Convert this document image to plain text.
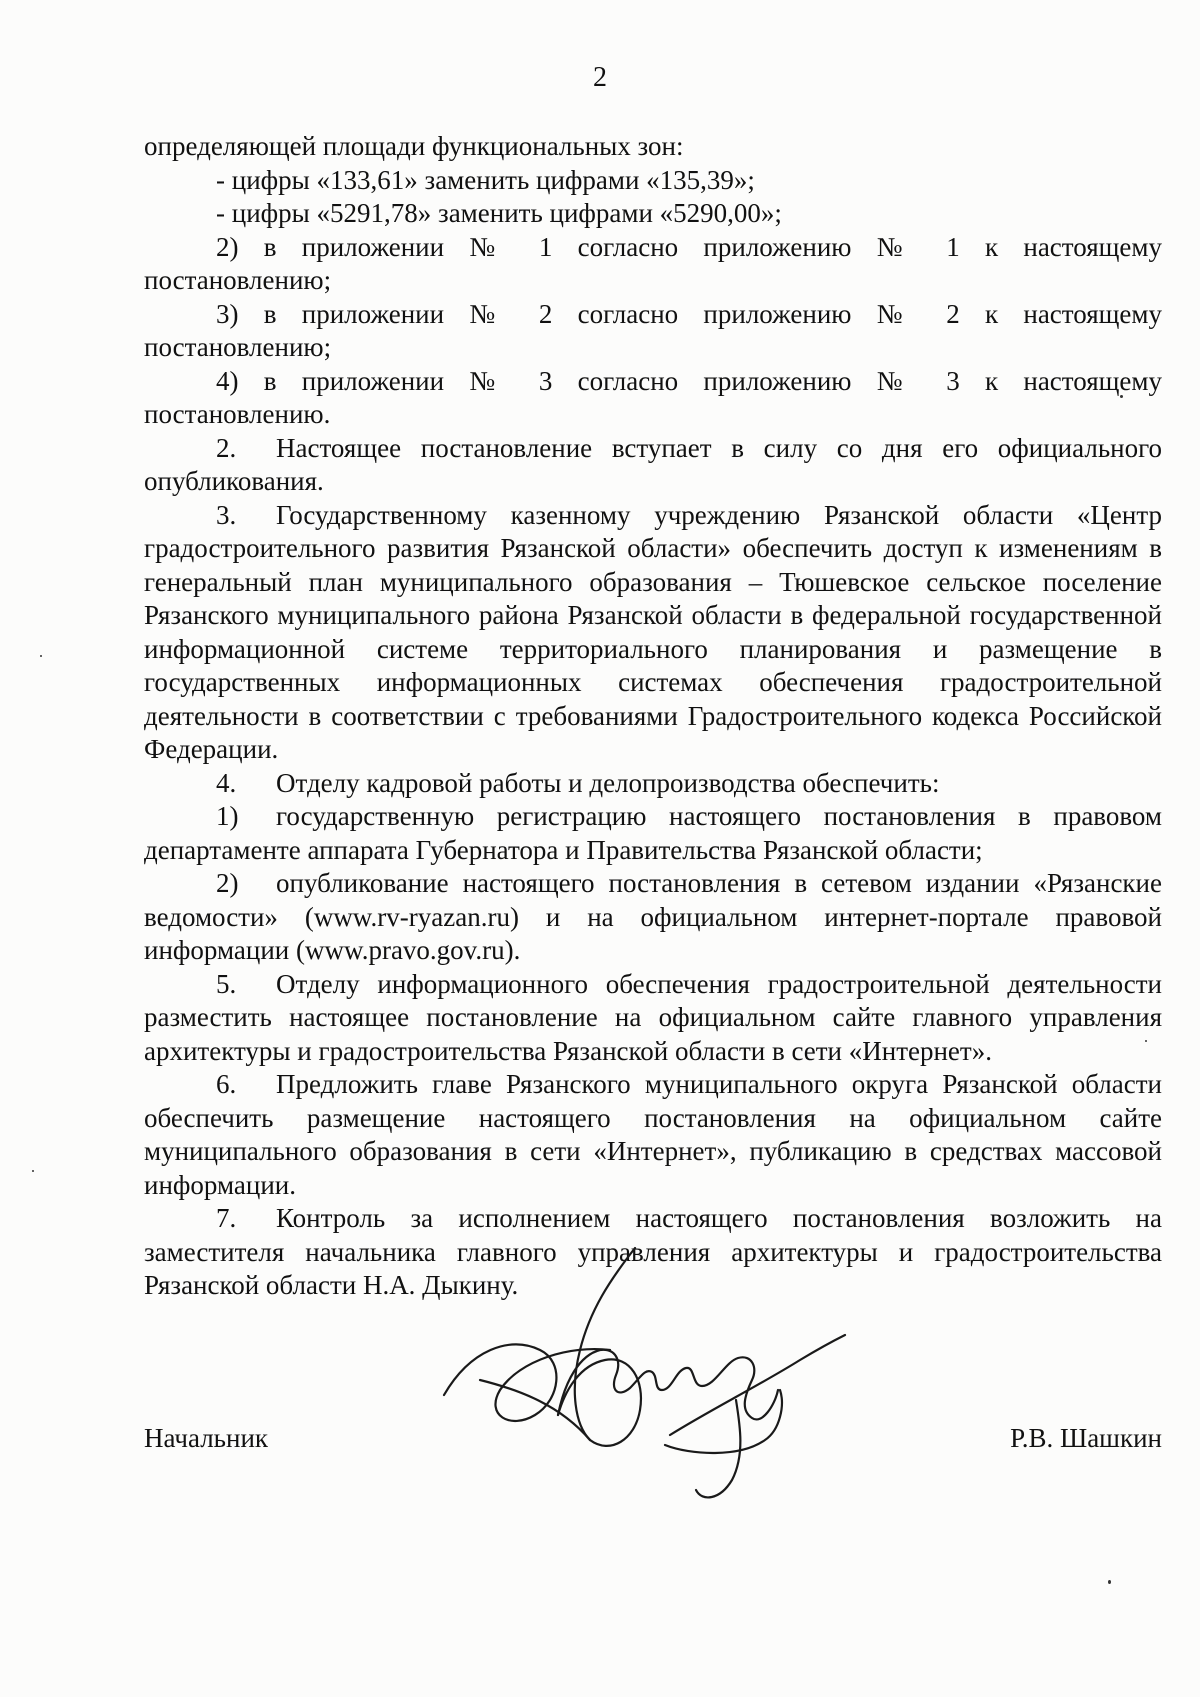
2

определяющей площади функциональных зон:

- цифры «133,61» заменить цифрами «135,39»;

- цифры «5291,78» заменить цифрами «5290,00»;

2) в приложении № 1 согласно приложению № 1 к настоящему

постановлению;

3) в приложении № 2 согласно приложению № 2 к настоящему

постановлению;

4) в приложении № 3 согласно приложению № 3 к настоящему

постановлению.

2. Настоящее постановление вступает в силу со дня его официального опубликования.

3. Государственному казенному учреждению Рязанской области «Центр градостроительного развития Рязанской области» обеспечить доступ к изменениям в генеральный план муниципального образования – Тюшевское сельское поселение Рязанского муниципального района Рязанской области в федеральной государственной информационной системе территориального планирования и размещение в государственных информационных системах обеспечения градостроительной деятельности в соответствии с требованиями Градостроительного кодекса Российской Федерации.

4. Отделу кадровой работы и делопроизводства обеспечить:

1) государственную регистрацию настоящего постановления в правовом департаменте аппарата Губернатора и Правительства Рязанской области;

2) опубликование настоящего постановления в сетевом издании «Рязанские ведомости» (www.rv-ryazan.ru) и на официальном интернет-портале правовой информации (www.pravo.gov.ru).

5. Отделу информационного обеспечения градостроительной деятельности разместить настоящее постановление на официальном сайте главного управления архитектуры и градостроительства Рязанской области в сети «Интернет».

6. Предложить главе Рязанского муниципального округа Рязанской области обеспечить размещение настоящего постановления на официальном сайте муниципального образования в сети «Интернет», публикацию в средствах массовой информации.

7. Контроль за исполнением настоящего постановления возложить на заместителя начальника главного управления архитектуры и градостроительства Рязанской области Н.А. Дыкину.

Начальник	Р.В. Шашкин
